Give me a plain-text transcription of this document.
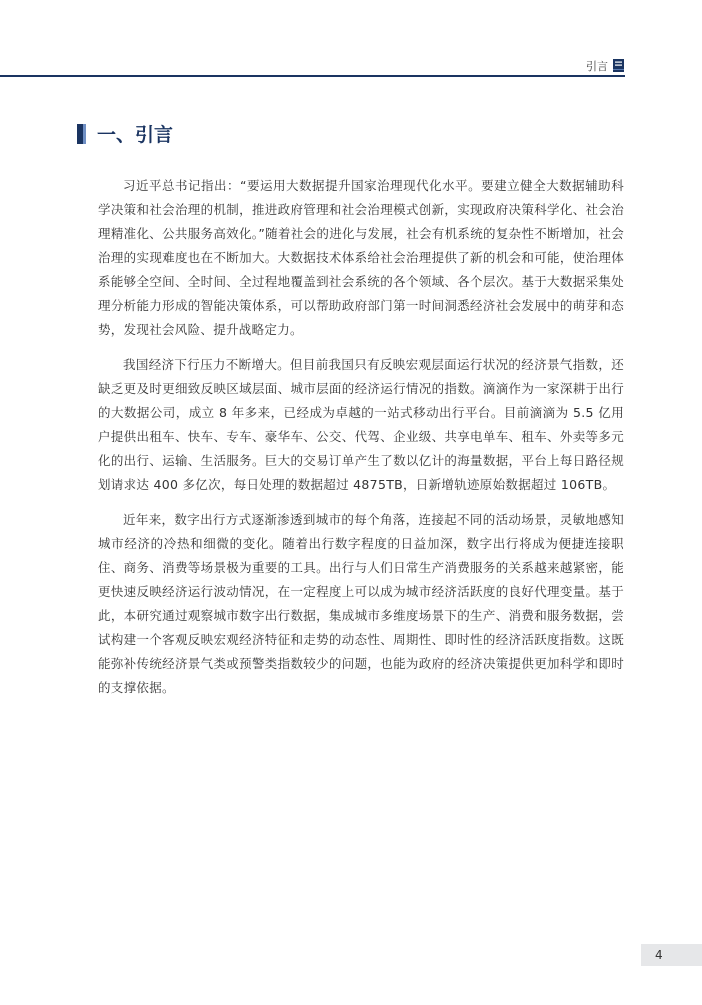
引言
一、引言

习近平总书记指出：“要运用大数据提升国家治理现代化水平。要建立健全大数据辅助科学决策和社会治理的机制，推进政府管理和社会治理模式创新，实现政府决策科学化、社会治理精准化、公共服务高效化。”随着社会的进化与发展，社会有机系统的复杂性不断增加，社会治理的实现难度也在不断加大。大数据技术体系给社会治理提供了新的机会和可能，使治理体系能够全空间、全时间、全过程地覆盖到社会系统的各个领域、各个层次。基于大数据采集处理分析能力形成的智能决策体系，可以帮助政府部门第一时间洞悉经济社会发展中的萌芽和态势，发现社会风险、提升战略定力。

我国经济下行压力不断增大。但目前我国只有反映宏观层面运行状况的经济景气指数，还缺乏更及时更细致反映区域层面、城市层面的经济运行情况的指数。滴滴作为一家深耕于出行的大数据公司，成立 8 年多来，已经成为卓越的一站式移动出行平台。目前滴滴为 5.5 亿用户提供出租车、快车、专车、豪华车、公交、代驾、企业级、共享电单车、租车、外卖等多元化的出行、运输、生活服务。巨大的交易订单产生了数以亿计的海量数据，平台上每日路径规划请求达 400 多亿次，每日处理的数据超过 4875TB，日新增轨迹原始数据超过 106TB。

近年来，数字出行方式逐渐渗透到城市的每个角落，连接起不同的活动场景，灵敏地感知城市经济的冷热和细微的变化。随着出行数字程度的日益加深，数字出行将成为便捷连接职住、商务、消费等场景极为重要的工具。出行与人们日常生产消费服务的关系越来越紧密，能更快速反映经济运行波动情况，在一定程度上可以成为城市经济活跃度的良好代理变量。基于此，本研究通过观察城市数字出行数据，集成城市多维度场景下的生产、消费和服务数据，尝试构建一个客观反映宏观经济特征和走势的动态性、周期性、即时性的经济活跃度指数。这既能弥补传统经济景气类或预警类指数较少的问题，也能为政府的经济决策提供更加科学和即时的支撑依据。

4
